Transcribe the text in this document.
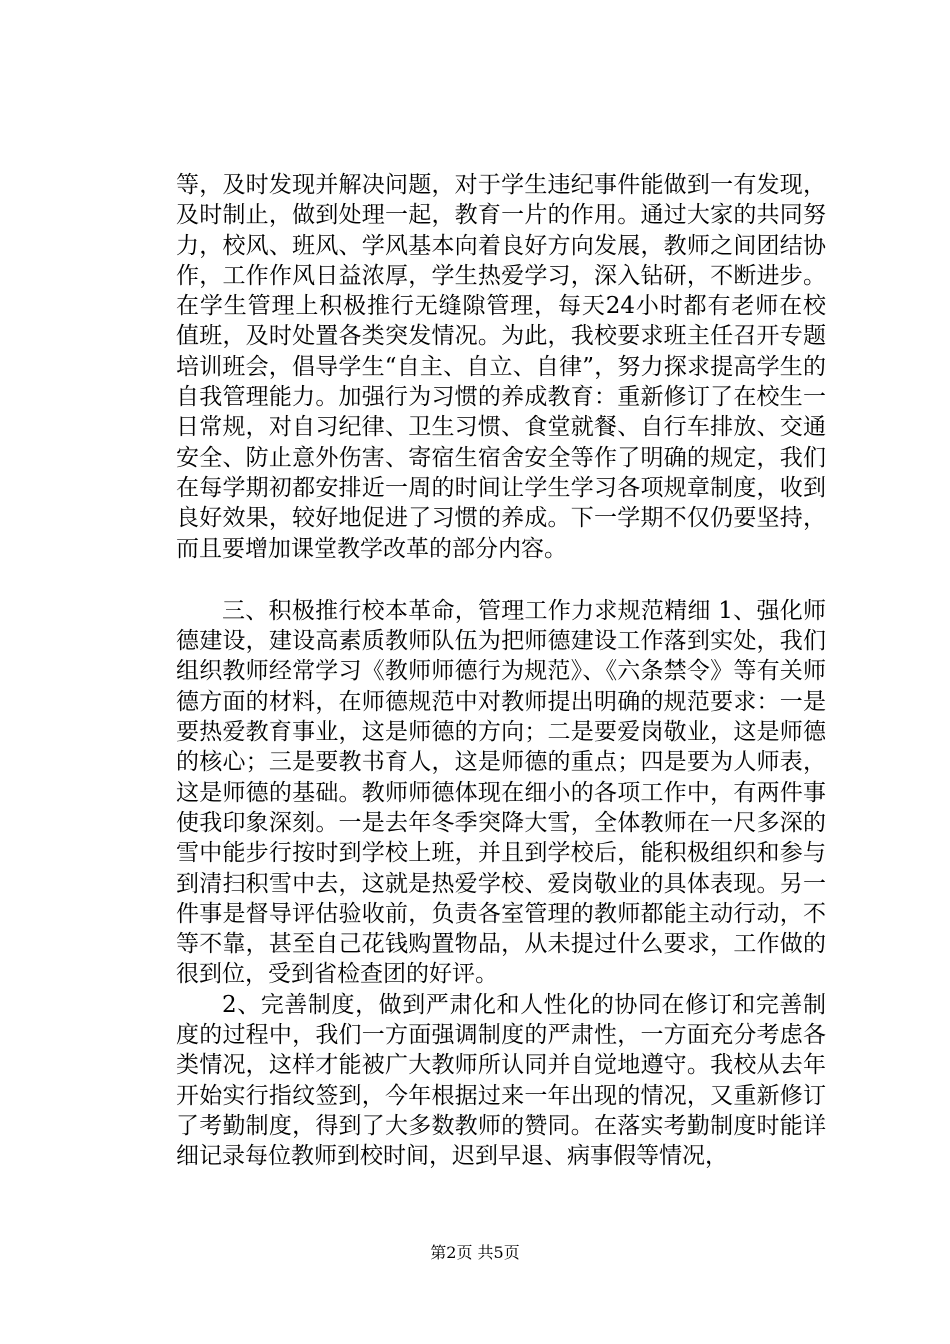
等，及时发现并解决问题，对于学生违纪事件能做到一有发现，及时制止，做到处理一起，教育一片的作用。通过大家的共同努力，校风、班风、学风基本向着良好方向发展，教师之间团结协作，工作作风日益浓厚，学生热爱学习，深入钻研，不断进步。在学生管理上积极推行无缝隙管理，每天24小时都有老师在校值班，及时处置各类突发情况。为此，我校要求班主任召开专题培训班会，倡导学生“自主、自立、自律”，努力探求提高学生的自我管理能力。加强行为习惯的养成教育：重新修订了在校生一日常规，对自习纪律、卫生习惯、食堂就餐、自行车排放、交通安全、防止意外伤害、寄宿生宿舍安全等作了明确的规定，我们在每学期初都安排近一周的时间让学生学习各项规章制度，收到良好效果，较好地促进了习惯的养成。下一学期不仅仍要坚持，而且要增加课堂教学改革的部分内容。

三、积极推行校本革命，管理工作力求规范精细 1、强化师德建设，建设高素质教师队伍为把师德建设工作落到实处，我们组织教师经常学习《教师师德行为规范》、《六条禁令》等有关师德方面的材料，在师德规范中对教师提出明确的规范要求：一是要热爱教育事业，这是师德的方向；二是要爱岗敬业，这是师德的核心；三是要教书育人，这是师德的重点；四是要为人师表，这是师德的基础。教师师德体现在细小的各项工作中，有两件事使我印象深刻。一是去年冬季突降大雪，全体教师在一尺多深的雪中能步行按时到学校上班，并且到学校后，能积极组织和参与到清扫积雪中去，这就是热爱学校、爱岗敬业的具体表现。另一件事是督导评估验收前，负责各室管理的教师都能主动行动，不等不靠，甚至自己花钱购置物品，从未提过什么要求，工作做的很到位，受到省检查团的好评。

2、完善制度，做到严肃化和人性化的协同在修订和完善制度的过程中，我们一方面强调制度的严肃性，一方面充分考虑各类情况，这样才能被广大教师所认同并自觉地遵守。我校从去年开始实行指纹签到，今年根据过来一年出现的情况，又重新修订了考勤制度，得到了大多数教师的赞同。在落实考勤制度时能详细记录每位教师到校时间，迟到早退、病事假等情况，

第2页 共5页
